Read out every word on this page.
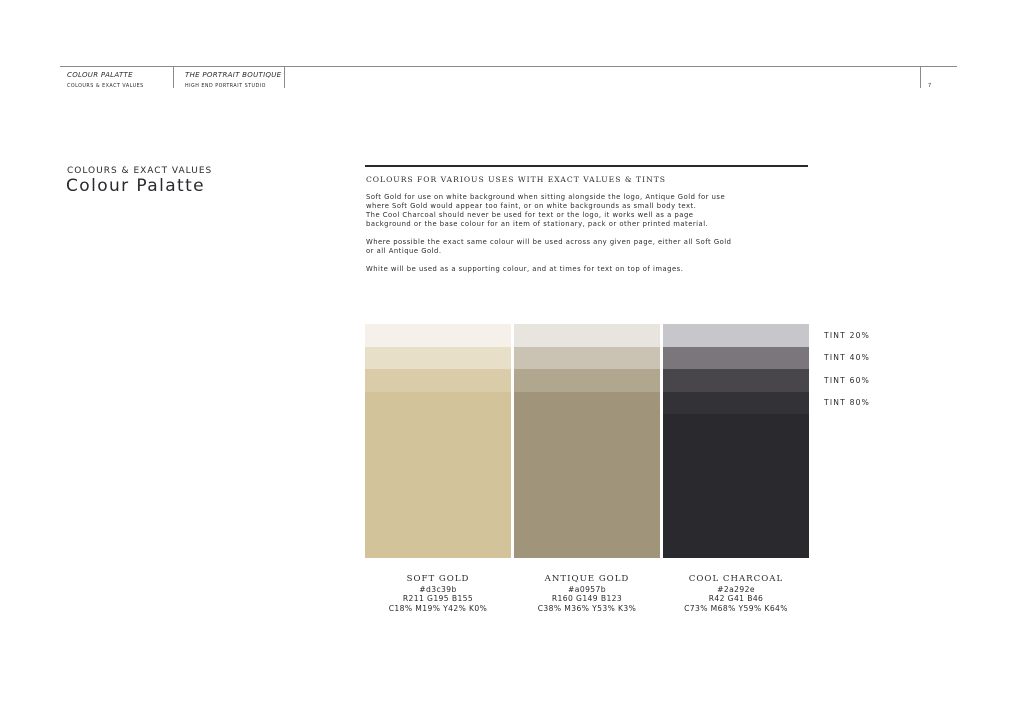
COLOUR PALATTE
COLOURS & EXACT VALUES
THE PORTRAIT BOUTIQUE
HIGH END PORTRAIT STUDIO	7
COLOURS & EXACT VALUES
Colour Palatte	COLOURS FOR VARIOUS USES WITH EXACT VALUES & TINTS

Soft Gold for use on white background when sitting alongside the logo, Antique Gold for use

where Soft Gold would appear too faint, or on white backgrounds as small body text.

The Cool Charcoal should never be used for text or the logo, it works well as a page

background or the base colour for an item of stationary, pack or other printed material.

Where possible the exact same colour will be used across any given page, either all Soft Gold

or all Antique Gold.

White will be used as a supporting colour, and at times for text on top of images.

TINT 20%
TINT 40%
TINT 60%
TINT 80%
SOFT GOLD
#d3c39b
R211 G195 B155
C18% M19% Y42% K0%
ANTIQUE GOLD
#a0957b
R160 G149 B123
C38% M36% Y53% K3%
COOL CHARCOAL
#2a292e
R42 G41 B46
C73% M68% Y59% K64%
